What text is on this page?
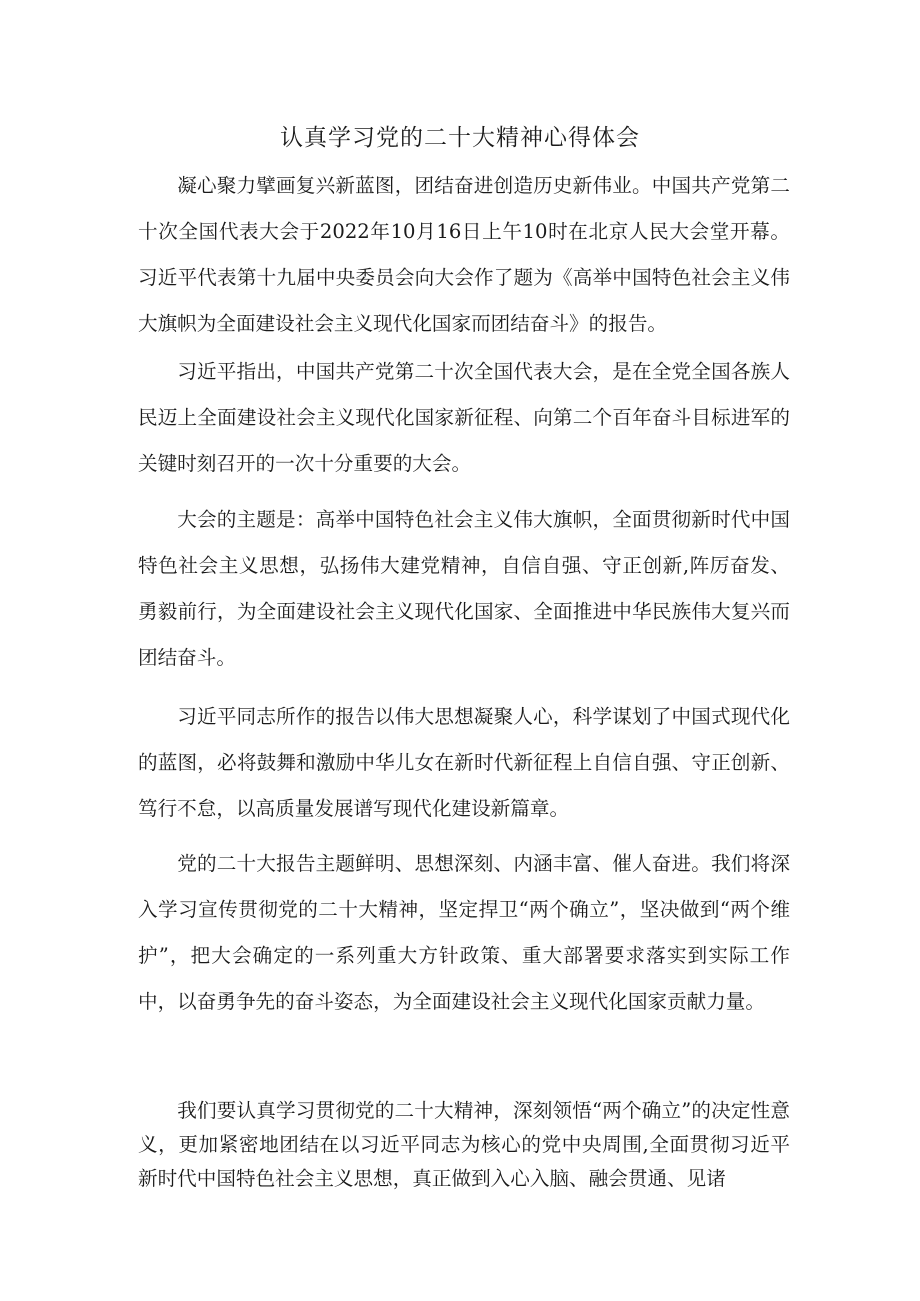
认真学习党的二十大精神心得体会

凝心聚力擘画复兴新蓝图，团结奋进创造历史新伟业。中国共产党第二十次全国代表大会于2022年10月16日上午10时在北京人民大会堂开幕。习近平代表第十九届中央委员会向大会作了题为《高举中国特色社会主义伟大旗帜为全面建设社会主义现代化国家而团结奋斗》的报告。

习近平指出，中国共产党第二十次全国代表大会，是在全党全国各族人民迈上全面建设社会主义现代化国家新征程、向第二个百年奋斗目标进军的关键时刻召开的一次十分重要的大会。

大会的主题是：高举中国特色社会主义伟大旗帜，全面贯彻新时代中国特色社会主义思想，弘扬伟大建党精神，自信自强、守正创新,阵厉奋发、勇毅前行，为全面建设社会主义现代化国家、全面推进中华民族伟大复兴而团结奋斗。

习近平同志所作的报告以伟大思想凝聚人心，科学谋划了中国式现代化的蓝图，必将鼓舞和激励中华儿女在新时代新征程上自信自强、守正创新、笃行不怠，以高质量发展谱写现代化建设新篇章。

党的二十大报告主题鲜明、思想深刻、内涵丰富、催人奋进。我们将深入学习宣传贯彻党的二十大精神，坚定捍卫“两个确立”，坚决做到“两个维护”，把大会确定的一系列重大方针政策、重大部署要求落实到实际工作中，以奋勇争先的奋斗姿态，为全面建设社会主义现代化国家贡献力量。

我们要认真学习贯彻党的二十大精神，深刻领悟“两个确立”的决定性意义，更加紧密地团结在以习近平同志为核心的党中央周围,全面贯彻习近平新时代中国特色社会主义思想，真正做到入心入脑、融会贯通、见诸
